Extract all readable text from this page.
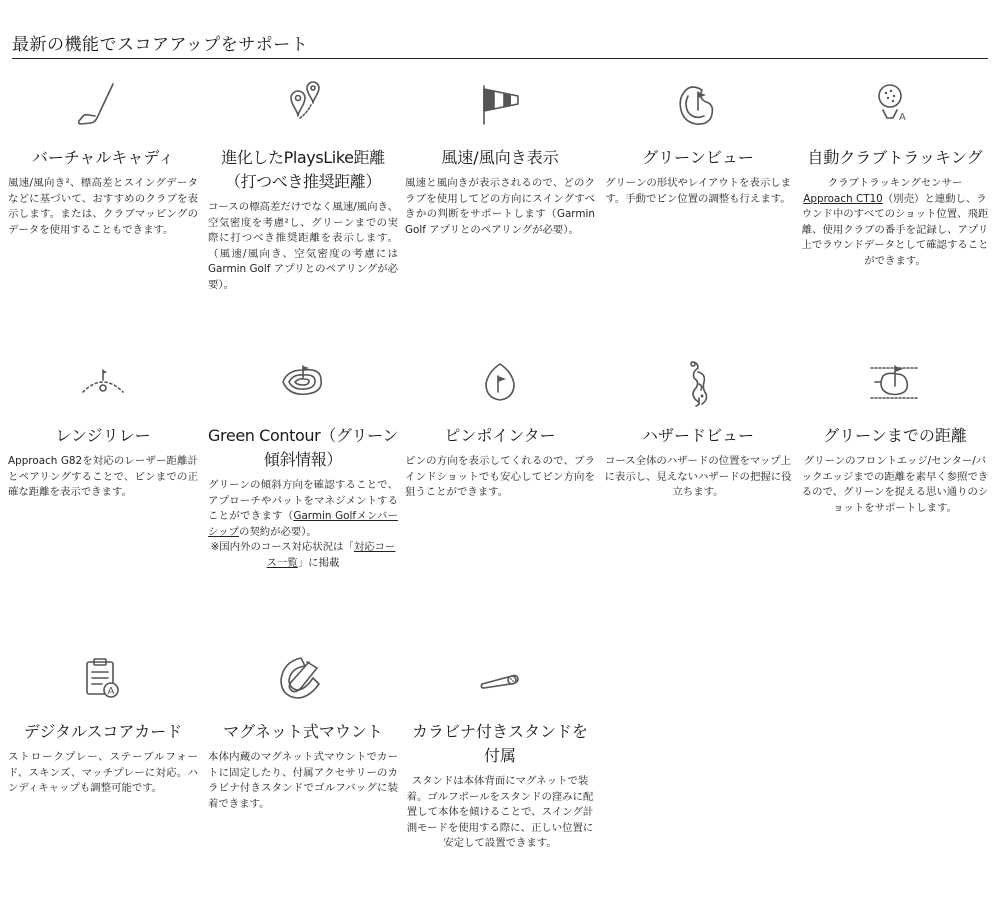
最新の機能でスコアアップをサポート
バーチャルキャディ
風速/風向き²、標高差とスイングデータなどに基づいて、おすすめのクラブを表示します。または、クラブマッピングのデータを使用することもできます。
進化したPlaysLike距離（打つべき推奨距離）
コースの標高差だけでなく風速/風向き、空気密度を考慮²し、グリーンまでの実際に打つべき推奨距離を表示します。（風速/風向き、空気密度の考慮にはGarmin Golf アプリとのペアリングが必要）。
風速/風向き表示
風速と風向きが表示されるので、どのクラブを使用してどの方向にスイングすべきかの判断をサポートします（Garmin Golf アプリとのペアリングが必要）。
グリーンビュー
グリーンの形状やレイアウトを表示します。手動でピン位置の調整も行えます。
A
自動クラブトラッキング
クラブトラッキングセンサー
Approach CT10（別売）と連動し、ラウンド中のすべてのショット位置、飛距離、使用クラブの番手を記録し、アプリ上でラウンドデータとして確認することができます。
レンジリレー
Approach G82を対応のレーザー距離計とペアリングすることで、ピンまでの正確な距離を表示できます。
Green Contour（グリーン傾斜情報）
グリーンの傾斜方向を確認することで、アプローチやパットをマネジメントすることができます（Garmin Golfメンバーシップの契約が必要）。
※国内外のコース対応状況は「対応コース一覧」に掲載
ピンポインター
ピンの方向を表示してくれるので、ブラインドショットでも安心してピン方向を狙うことができます。
ハザードビュー
コース全体のハザードの位置をマップ上に表示し、見えないハザードの把握に役立ちます。
グリーンまでの距離
グリーンのフロントエッジ/センター/バックエッジまでの距離を素早く参照できるので、グリーンを捉える思い通りのショットをサポートします。
A
デジタルスコアカード
ストロークプレー、ステーブルフォード、スキンズ、マッチプレーに対応。ハンディキャップも調整可能です。
マグネット式マウント
本体内蔵のマグネット式マウントでカートに固定したり、付属アクセサリーのカラビナ付きスタンドでゴルフバッグに装着できます。
カラビナ付きスタンドを付属
スタンドは本体背面にマグネットで装着。ゴルフボールをスタンドの窪みに配置して本体を傾けることで、スイング計測モードを使用する際に、正しい位置に安定して設置できます。
